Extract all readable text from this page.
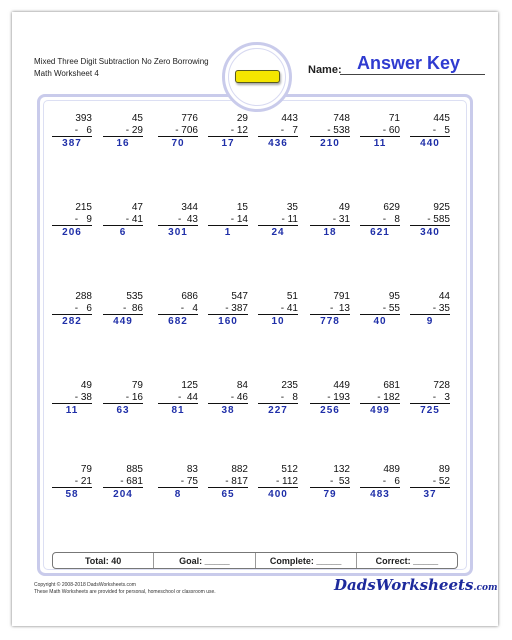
Mixed Three Digit Subtraction No Zero Borrowing
Math Worksheet 4	Name: Answer Key
393
-   6
387
45
- 29
16
776
- 706
70
29
- 12
17
443
-   7
436
748
- 538
210
71
- 60
11
445
-   5
440
215
-   9
206
47
- 41
6
344
-  43
301
15
- 14
1
35
- 11
24
49
- 31
18
629
-   8
621
925
- 585
340
288
-   6
282
535
-  86
449
686
-   4
682
547
- 387
160
51
- 41
10
791
-  13
778
95
- 55
40
44
- 35
9
49
- 38
11
79
- 16
63
125
-  44
81
84
- 46
38
235
-   8
227
449
- 193
256
681
- 182
499
728
-   3
725
79
- 21
58
885
- 681
204
83
- 75
8
882
- 817
65
512
- 112
400
132
-  53
79
489
-   6
483
89
- 52
37
Total: 40	Goal: _____	Complete: _____	Correct: _____
Copyright © 2008-2018 DadsWorksheets.com
These Math Worksheets are provided for personal, homeschool or classroom use.	DadsWorksheets.com
